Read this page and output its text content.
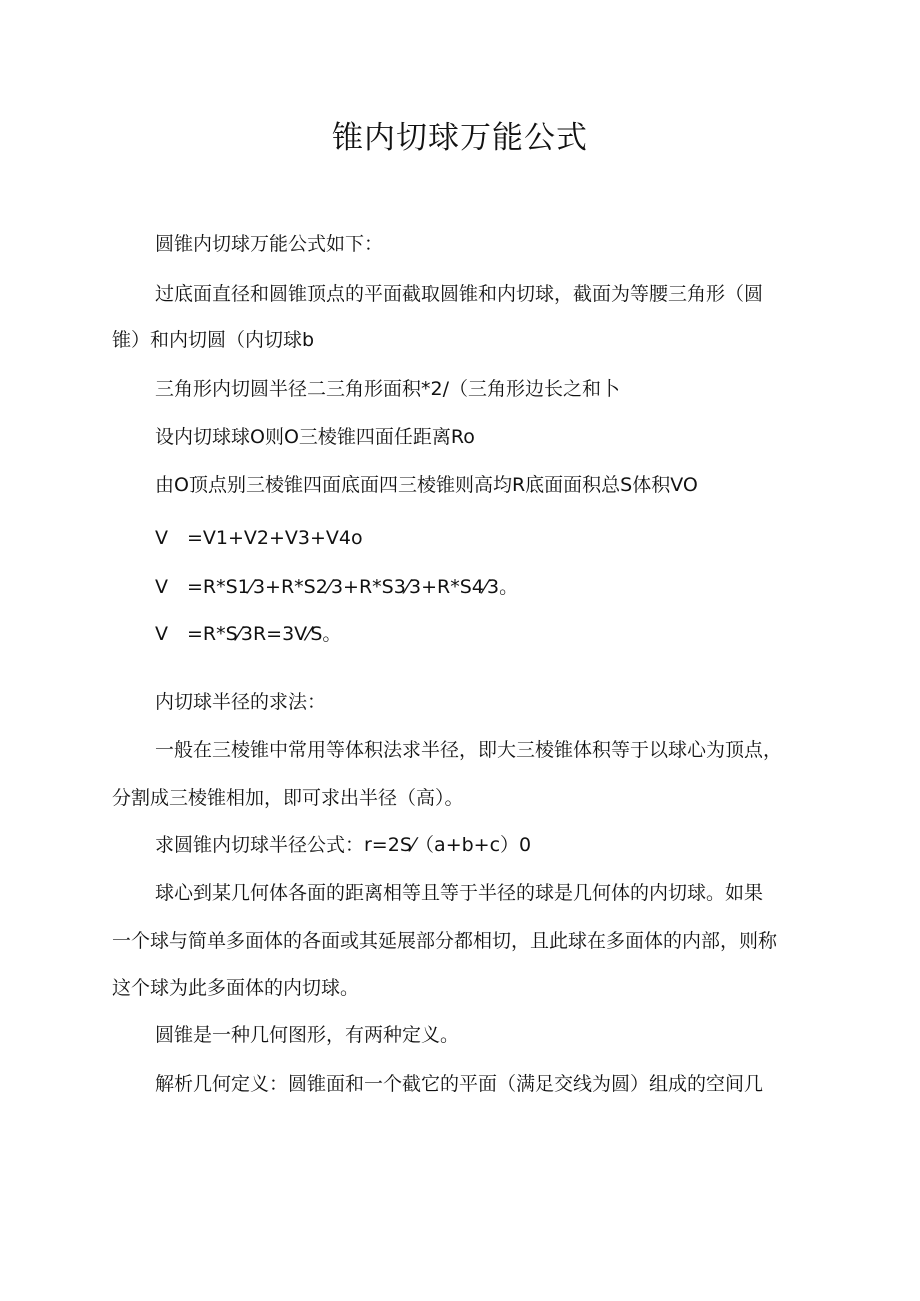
锥内切球万能公式
圆锥内切球万能公式如下：
过底面直径和圆锥顶点的平面截取圆锥和内切球，截面为等腰三角形（圆
锥）和内切圆（内切球b
三角形内切圆半径二三角形面积*2/（三角形边长之和卜
设内切球球O则O三棱锥四面任距离Ro
由O顶点别三棱锥四面底面四三棱锥则高均R底面面积总S体积VO
V　=V1+V2+V3+V4o
V　=R*S1⁄3+R*S2⁄3+R*S3⁄3+R*S4⁄3。
V　=R*S⁄3R=3V⁄S。
内切球半径的求法：
一般在三棱锥中常用等体积法求半径，即大三棱锥体积等于以球心为顶点，
分割成三棱锥相加，即可求出半径（高）。
求圆锥内切球半径公式：r=2S⁄（a+b+c）0
球心到某几何体各面的距离相等且等于半径的球是几何体的内切球。如果
一个球与简单多面体的各面或其延展部分都相切，且此球在多面体的内部，则称
这个球为此多面体的内切球。
圆锥是一种几何图形，有两种定义。
解析几何定义：圆锥面和一个截它的平面（满足交线为圆）组成的空间几
